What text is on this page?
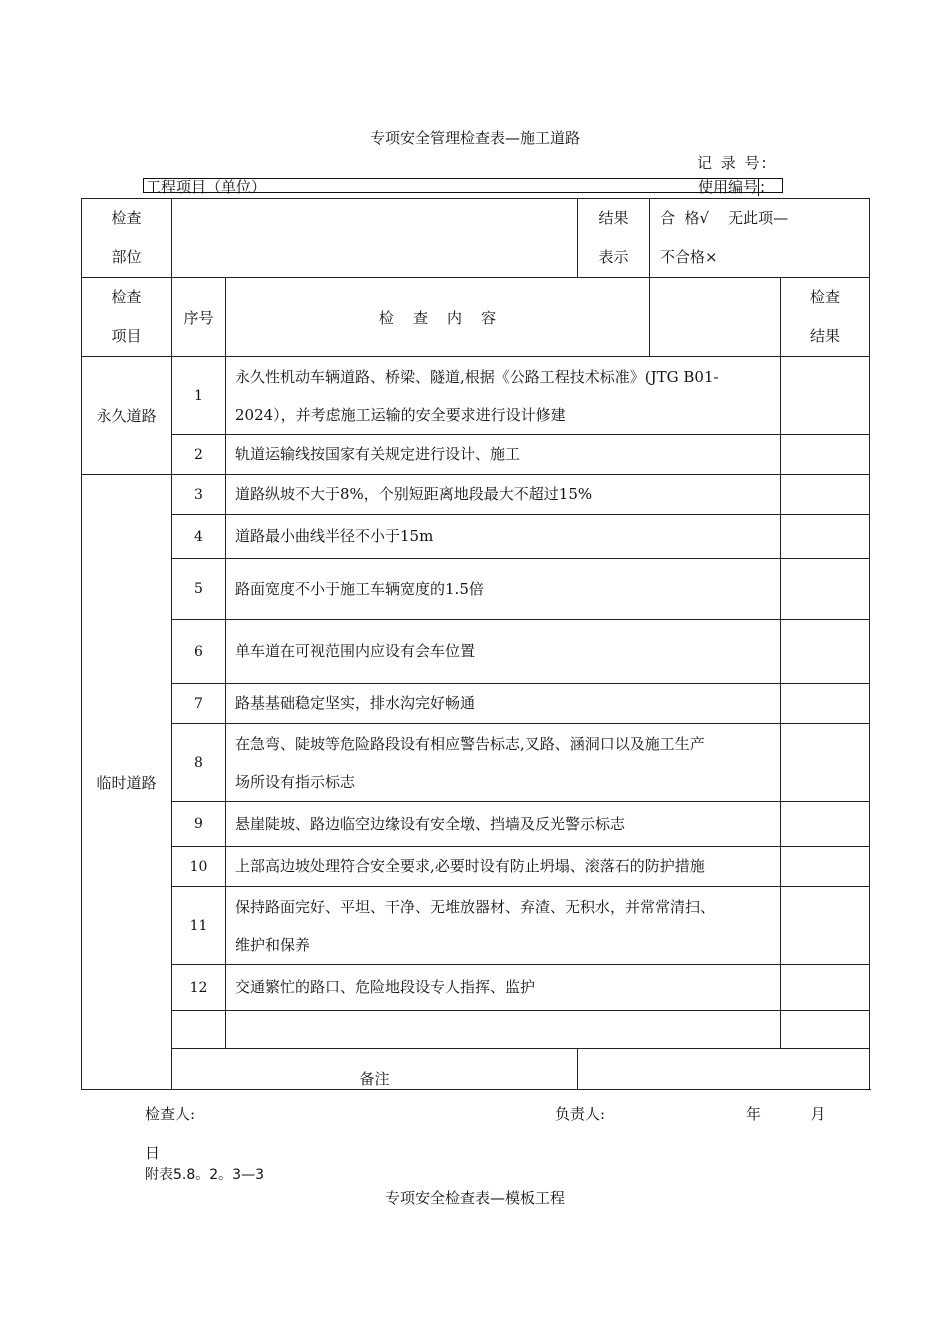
专项安全管理检查表—施工道路
记 录 号:
工程项目（单位）	使用编号 :
检查
部位			结果
表示	合  格√    无此项—
不合格×	

检查
项目	序号	检    查    内    容			检查
结果

永久道路	1	永久性机动车辆道路、桥梁、隧道,根据《公路工程技术标准》(JTG B01-
2024），并考虑施工运输的安全要求进行设计修建			

	2	轨道运输线按国家有关规定进行设计、施工			
临时道路	3	道路纵坡不大于8%，个别短距离地段最大不超过15%			
	4	道路最小曲线半径不小于15m			
	5	路面宽度不小于施工车辆宽度的1.5倍			
	6	单车道在可视范围内应设有会车位置			
	7	路基基础稳定坚实，排水沟完好畅通			
	8	在急弯、陡坡等危险路段设有相应警告标志,叉路、涵洞口以及施工生产
场所设有指示标志			

	9	悬崖陡坡、路边临空边缘设有安全墩、挡墙及反光警示标志			
	10	上部高边坡处理符合安全要求,必要时设有防止坍塌、滚落石的防护措施			
	11	保持路面完好、平坦、干净、无堆放器材、弃渣、无积水，并常常清扫、
维护和保养			

	12	交通繁忙的路口、危险地段设专人指挥、监护			

	备注				
检查人:	负责人:	年  月
日
附表5.8。2。3—3
专项安全检查表—模板工程
